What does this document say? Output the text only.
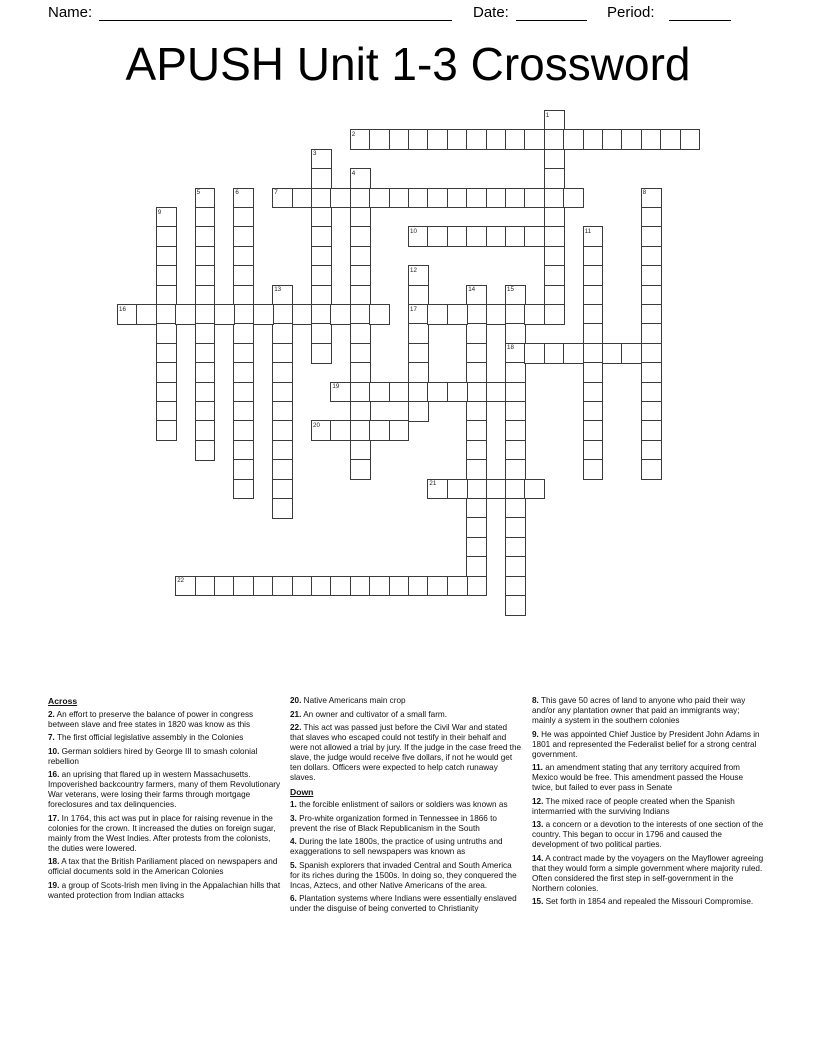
Name:	Date:	Period:
APUSH Unit 1-3 Crossword
1
2
3
4
5	6	7	8
9
10	11
12
17
13	14	15
18
16
19
20
21
22
Across
2. An effort to preserve the balance of power in congress between slave and free states in 1820 was know as this
7. The first official legislative assembly in the Colonies
10. German soldiers hired by George III to smash colonial rebellion
16. an uprising that flared up in western Massachusetts. Impoverished backcountry farmers, many of them Revolutionary War veterans, were losing their farms through mortgage foreclosures and tax delinquencies.
17. In 1764, this act was put in place for raising revenue in the colonies for the crown. It increased the duties on foreign sugar, mainly from the West Indies. After protests from the colonists, the duties were lowered.
18. A tax that the British Pariliament placed on newspapers and official documents sold in the American Colonies
19. a group of Scots-Irish men living in the Appalachian hills that wanted protection from Indian attacks
20. Native Americans main crop
21. An owner and cultivator of a small farm.
22. This act was passed just before the Civil War and stated that slaves who escaped could not testify in their behalf and were not allowed a trial by jury. If the judge in the case freed the slave, the judge would receive five dollars, if not he would get ten dollars. Officers were expected to help catch runaway slaves.
Down
1. the forcible enlistment of sailors or soldiers was known as
3. Pro-white organization formed in Tennessee in 1866 to prevent the rise of Black Republicanism in the South
4. During the late 1800s, the practice of using untruths and exaggerations to sell newspapers was known as
5. Spanish explorers that invaded Central and South America for its riches during the 1500s. In doing so, they conquered the Incas, Aztecs, and other Native Americans of the area.
6. Plantation systems where Indians were essentially enslaved under the disguise of being converted to Christianity
8. This gave 50 acres of land to anyone who paid their way and/or any plantation owner that paid an immigrants way; mainly a system in the southern colonies
9. He was appointed Chief Justice by President John Adams in 1801 and represented the Federalist belief for a strong central government.
11. an amendment stating that any territory acquired from Mexico would be free. This amendment passed the House twice, but failed to ever pass in Senate
12. The mixed race of people created when the Spanish intermarried with the surviving Indians
13. a concern or a devotion to the interests of one section of the country. This began to occur in 1796 and caused the development of two political parties.
14. A contract made by the voyagers on the Mayflower agreeing that they would form a simple government where majority ruled. Often considered the first step in self-government in the Northern colonies.
15. Set forth in 1854 and repealed the Missouri Compromise.
